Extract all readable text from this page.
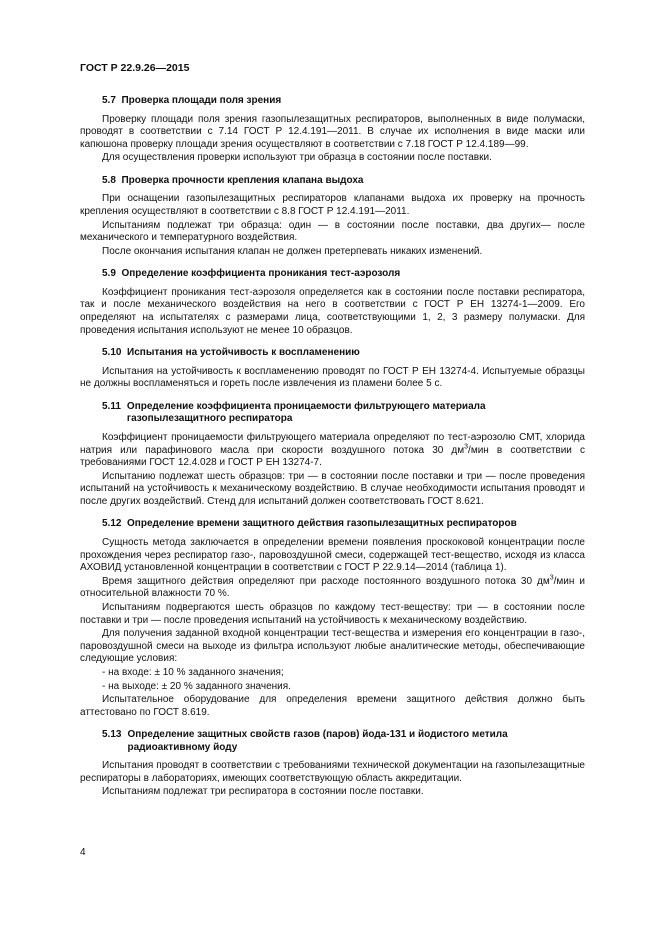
ГОСТ Р 22.9.26—2015
5.7 Проверка площади поля зрения

Проверку площади поля зрения газопылезащитных респираторов, выполненных в виде полумаски, проводят в соответствии с 7.14 ГОСТ Р 12.4.191—2011. В случае их исполнения в виде маски или капюшона проверку площади зрения осуществляют в соответствии с 7.18 ГОСТ Р 12.4.189—99.

Для осуществления проверки используют три образца в состоянии после поставки.

5.8 Проверка прочности крепления клапана выдоха

При оснащении газопылезащитных респираторов клапанами выдоха их проверку на прочность крепления осуществляют в соответствии с 8.8 ГОСТ Р 12.4.191—2011.

Испытаниям подлежат три образца: один — в состоянии после поставки, два других— после механического и температурного воздействия.

После окончания испытания клапан не должен претерпевать никаких изменений.

5.9 Определение коэффициента проникания тест-аэрозоля

Коэффициент проникания тест-аэрозоля определяется как в состоянии после поставки респиратора, так и после механического воздействия на него в соответствии с ГОСТ Р ЕН 13274-1—2009. Его определяют на испытателях с размерами лица, соответствующими 1, 2, 3 размеру полумаски. Для проведения испытания используют не менее 10 образцов.

5.10 Испытания на устойчивость к воспламенению

Испытания на устойчивость к воспламенению проводят по ГОСТ Р ЕН 13274-4. Испытуемые образцы не должны воспламеняться и гореть после извлечения из пламени более 5 с.

5.11 Определение коэффициента проницаемости фильтрующего материала
газопылезащитного респиратора

Коэффициент проницаемости фильтрующего материала определяют по тест-аэрозолю СМТ, хлорида натрия или парафинового масла при скорости воздушного потока 30 $дм^3$/мин в соответствии с требованиями ГОСТ 12.4.028 и ГОСТ Р ЕН 13274-7.

Испытанию подлежат шесть образцов: три — в состоянии после поставки и три — после проведения испытаний на устойчивость к механическому воздействию. В случае необходимости испытания проводят и после других воздействий. Стенд для испытаний должен соответствовать ГОСТ 8.621.

5.12 Определение времени защитного действия газопылезащитных респираторов

Сущность метода заключается в определении времени появления проскоковой концентрации после прохождения через респиратор газо-, паровоздушной смеси, содержащей тест-вещество, исходя из класса АХОВИД установленной концентрации в соответствии с ГОСТ Р 22.9.14—2014 (таблица 1).

Время защитного действия определяют при расходе постоянного воздушного потока 30 $дм^3$/мин и относительной влажности 70 %.

Испытаниям подвергаются шесть образцов по каждому тест-веществу: три — в состоянии после поставки и три — после проведения испытаний на устойчивость к механическому воздействию.

Для получения заданной входной концентрации тест-вещества и измерения его концентрации в газо-, паровоздушной смеси на выходе из фильтра используют любые аналитические методы, обеспечивающие следующие условия:

- на входе: ± 10 % заданного значения;

- на выходе: ± 20 % заданного значения.

Испытательное оборудование для определения времени защитного действия должно быть аттестовано по ГОСТ 8.619.

5.13 Определение защитных свойств газов (паров) йода-131 и йодистого метила
радиоактивному йоду

Испытания проводят в соответствии с требованиями технической документации на газопылезащитные респираторы в лабораториях, имеющих соответствующую область аккредитации.

Испытаниям подлежат три респиратора в состоянии после поставки.

4
